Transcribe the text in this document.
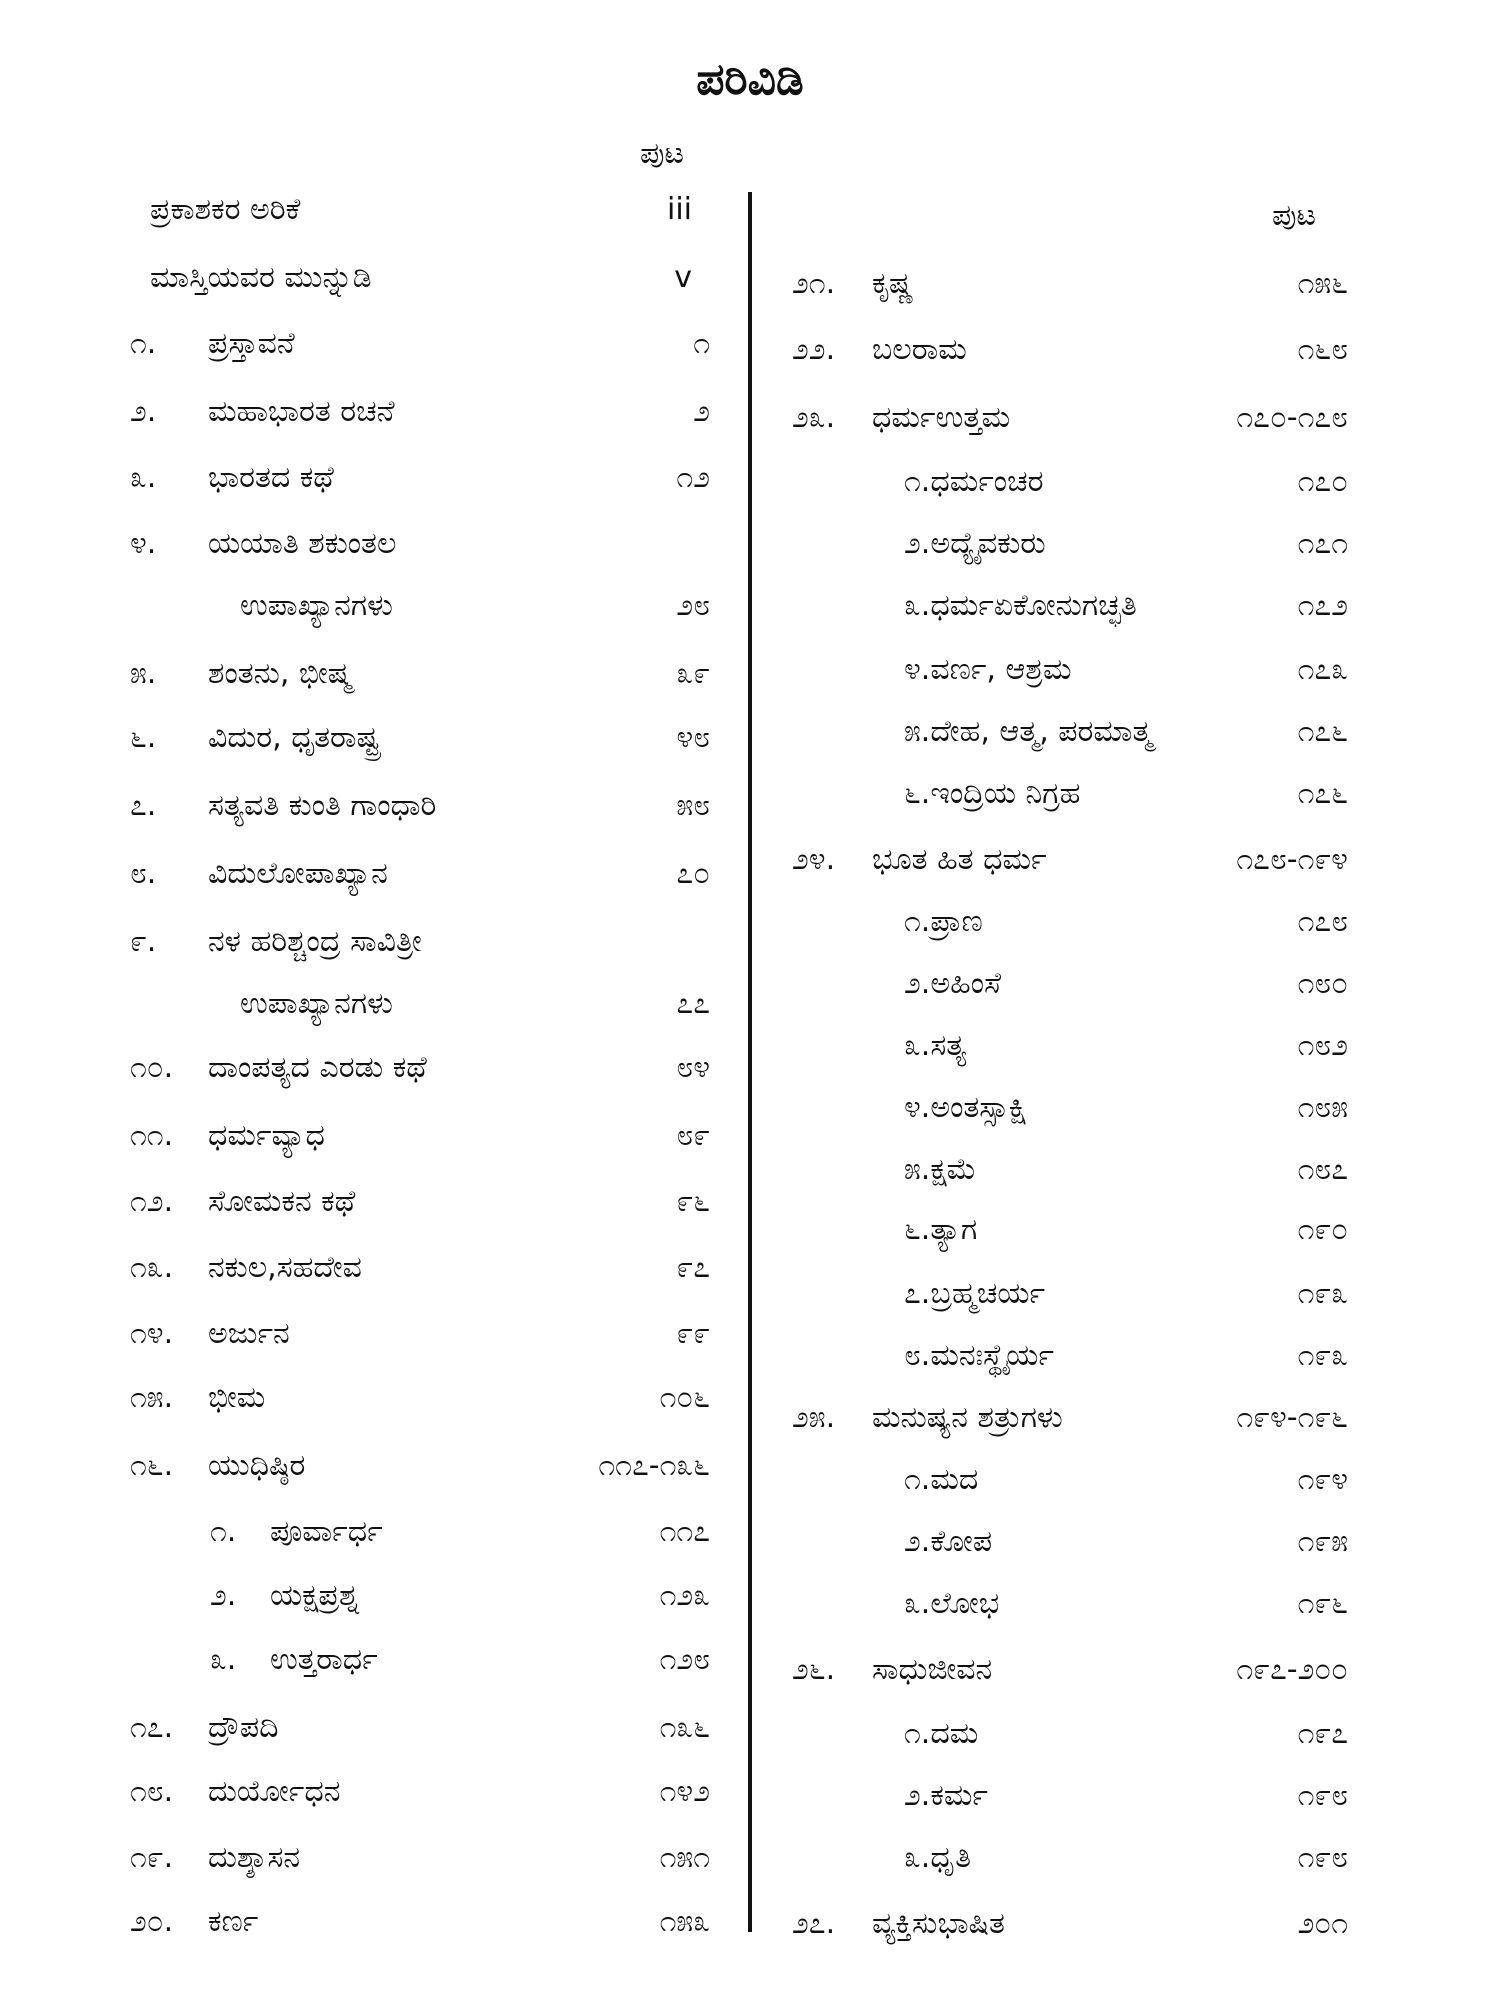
ಪರಿವಿಡಿ
ಪುಟ
ಪುಟ
ಪ್ರಕಾಶಕರ ಅರಿಕೆ	iii
ಮಾಸ್ತಿಯವರ ಮುನ್ನುಡಿ	v
೧. ಪ್ರಸ್ತಾವನೆ	೧
೨. ಮಹಾಭಾರತ ರಚನೆ	೨
೩. ಭಾರತದ ಕಥೆ	೧೨
೪. ಯಯಾತಿ ಶಕುಂತಲ
ಉಪಾಖ್ಯಾನಗಳು	೨೮
೫. ಶಂತನು, ಭೀಷ್ಮ	೩೯
೬. ವಿದುರ, ಧೃತರಾಷ್ಟ್ರ	೪೮
೭. ಸತ್ಯವತಿ ಕುಂತಿ ಗಾಂಧಾರಿ	೫೮
೮. ವಿದುಲೋಪಾಖ್ಯಾನ	೭೦
೯. ನಳ ಹರಿಶ್ಚಂದ್ರ ಸಾವಿತ್ರೀ
ಉಪಾಖ್ಯಾನಗಳು	೭೭
೧೦. ದಾಂಪತ್ಯದ ಎರಡು ಕಥೆ	೮೪
೧೧. ಧರ್ಮವ್ಯಾಧ	೮೯
೧೨. ಸೋಮಕನ ಕಥೆ	೯೬
೧೩. ನಕುಲ,ಸಹದೇವ	೯೭
೧೪. ಅರ್ಜುನ	೯೯
೧೫. ಭೀಮ	೧೦೬
೧೬. ಯುಧಿಷ್ಠಿರ	೧೧೭-೧೩೬
೧. ಪೂರ್ವಾರ್ಧ	೧೧೭
೨. ಯಕ್ಷಪ್ರಶ್ನ	೧೨೩
೩. ಉತ್ತರಾರ್ಧ	೧೨೮
೧೭. ದ್ರೌಪದಿ	೧೩೬
೧೮. ದುರ್ಯೋಧನ	೧೪೨
೧೯. ದುಶ್ಶಾಸನ	೧೫೧
೨೦. ಕರ್ಣ	೧೫೩
೨೧. ಕೃಷ್ಣ	೧೫೬
೨೨. ಬಲರಾಮ	೧೬೮
೨೩. ಧರ್ಮಉತ್ತಮ	೧೭೦-೧೭೮
೧.ಧರ್ಮಂಚರ	೧೭೦
೨.ಅದ್ಯೈವಕುರು	೧೭೧
೩.ಧರ್ಮಏಕೋನುಗಚ್ಛತಿ	೧೭೨
೪.ವರ್ಣ, ಆಶ್ರಮ	೧೭೩
೫.ದೇಹ, ಆತ್ಮ, ಪರಮಾತ್ಮ	೧೭೬
೬.ಇಂದ್ರಿಯ ನಿಗ್ರಹ	೧೭೬
೨೪. ಭೂತ ಹಿತ ಧರ್ಮ	೧೭೮-೧೯೪
೧.ಪ್ರಾಣ	೧೭೮
೨.ಅಹಿಂಸೆ	೧೮೦
೩.ಸತ್ಯ	೧೮೨
೪.ಅಂತಸ್ಸಾಕ್ಷಿ	೧೮೫
೫.ಕ್ಷಮೆ	೧೮೭
೬.ತ್ಯಾಗ	೧೯೦
೭.ಬ್ರಹ್ಮಚರ್ಯ	೧೯೩
೮.ಮನಃಸ್ಥೈರ್ಯ	೧೯೩
೨೫. ಮನುಷ್ಯನ ಶತ್ರುಗಳು	೧೯೪-೧೯೬
೧.ಮದ	೧೯೪
೨.ಕೋಪ	೧೯೫
೩.ಲೋಭ	೧೯೬
೨೬. ಸಾಧುಜೀವನ	೧೯೭-೨೦೦
೧.ದಮ	೧೯೭
೨.ಕರ್ಮ	೧೯೮
೩.ಧೃತಿ	೧೯೮
೨೭. ವ್ಯಕ್ತಿಸುಭಾಷಿತ	೨೦೧
